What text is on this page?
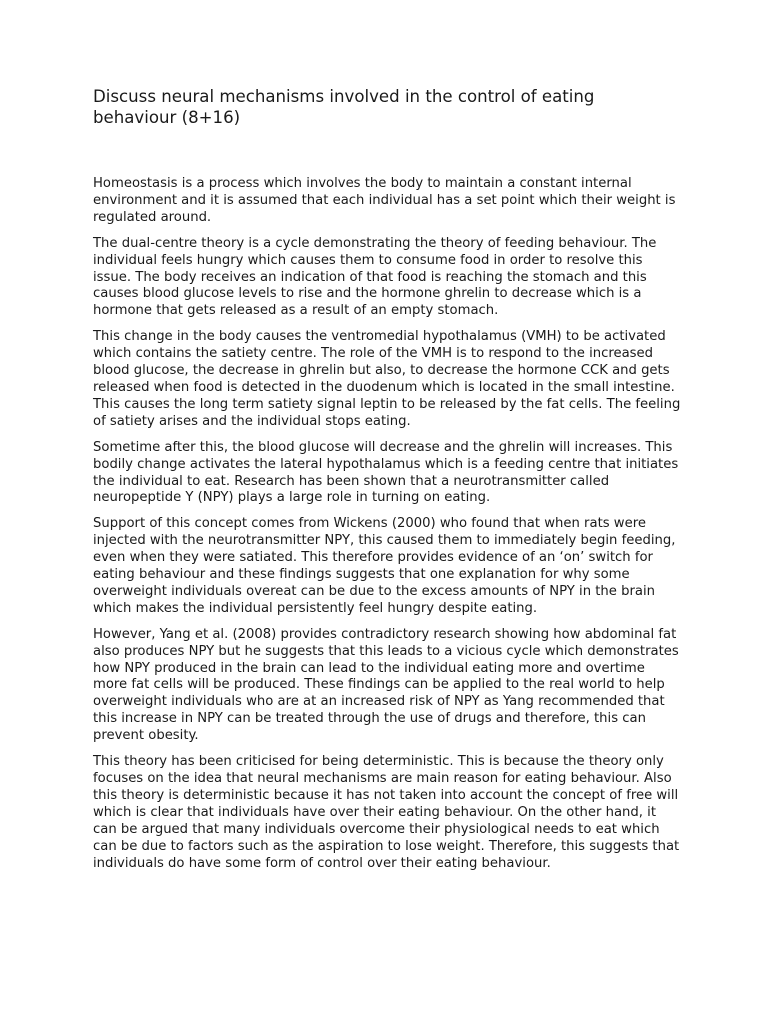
Discuss neural mechanisms involved in the control of eating behaviour (8+16)

Homeostasis is a process which involves the body to maintain a constant internal environment and it is assumed that each individual has a set point which their weight is regulated around.

The dual-centre theory is a cycle demonstrating the theory of feeding behaviour. The individual feels hungry which causes them to consume food in order to resolve this issue. The body receives an indication of that food is reaching the stomach and this causes blood glucose levels to rise and the hormone ghrelin to decrease which is a hormone that gets released as a result of an empty stomach.

This change in the body causes the ventromedial hypothalamus (VMH) to be activated which contains the satiety centre. The role of the VMH is to respond to the increased blood glucose, the decrease in ghrelin but also, to decrease the hormone CCK and gets released when food is detected in the duodenum which is located in the small intestine. This causes the long term satiety signal leptin to be released by the fat cells. The feeling of satiety arises and the individual stops eating.

Sometime after this, the blood glucose will decrease and the ghrelin will increases. This bodily change activates the lateral hypothalamus which is a feeding centre that initiates the individual to eat. Research has been shown that a neurotransmitter called neuropeptide Y (NPY) plays a large role in turning on eating.

Support of this concept comes from Wickens (2000) who found that when rats were injected with the neurotransmitter NPY, this caused them to immediately begin feeding, even when they were satiated. This therefore provides evidence of an ‘on’ switch for eating behaviour and these findings suggests that one explanation for why some overweight individuals overeat can be due to the excess amounts of NPY in the brain which makes the individual persistently feel hungry despite eating.

However, Yang et al. (2008) provides contradictory research showing how abdominal fat also produces NPY but he suggests that this leads to a vicious cycle which demonstrates how NPY produced in the brain can lead to the individual eating more and overtime more fat cells will be produced. These findings can be applied to the real world to help overweight individuals who are at an increased risk of NPY as Yang recommended that this increase in NPY can be treated through the use of drugs and therefore, this can prevent obesity.

This theory has been criticised for being deterministic. This is because the theory only focuses on the idea that neural mechanisms are main reason for eating behaviour. Also this theory is deterministic because it has not taken into account the concept of free will which is clear that individuals have over their eating behaviour. On the other hand, it can be argued that many individuals overcome their physiological needs to eat which can be due to factors such as the aspiration to lose weight. Therefore, this suggests that individuals do have some form of control over their eating behaviour.
